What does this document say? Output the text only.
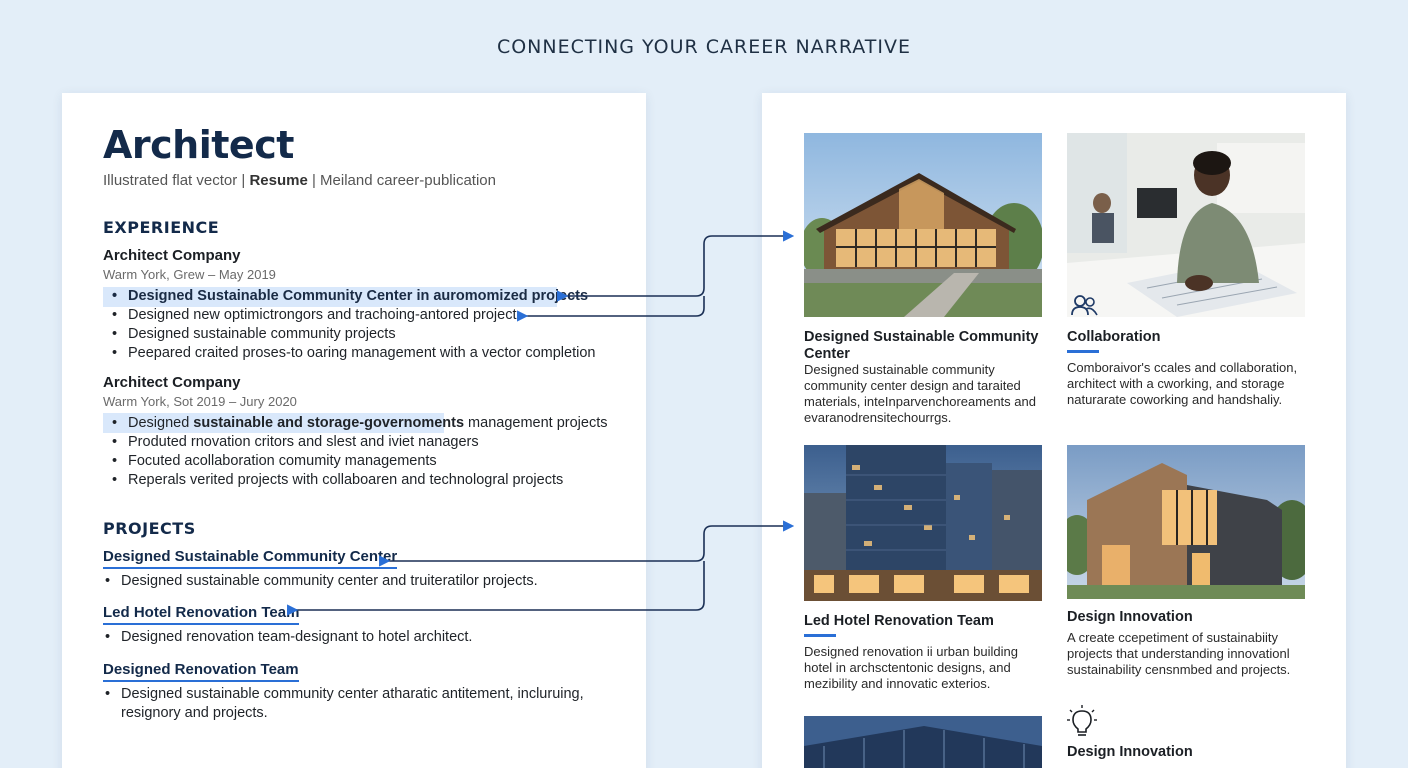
CONNECTING YOUR CAREER NARRATIVE
Architect
Illustrated flat vector | Resume | Meiland career-publication
EXPERIENCE
Architect Company
Warm York, Grew – May 2019
• Designed Sustainable Community Center in auromomized projects
• Designed new optimictrongors and trachoing-antored project
• Designed sustainable community projects
• Peepared craited proses-to oaring management with a vector completion
Architect Company
Warm York, Sot 2019 – Jury 2020
• Designed sustainable and storage-governoments management projects
• Produted rnovation critors and slest and iviet nanagers
• Focuted acollaboration comumity managements
• Reperals verited projects with collaboaren and technologral projects
PROJECTS
Designed Sustainable Community Center
• Designed sustainable community center and truiteratilor projects.
Led Hotel Renovation Team
• Designed renovation team-designant to hotel architect.
Designed Renovation Team
• Designed sustainable community center atharatic antitement, incluruing,
resignory and projects.
Designed Sustainable Community Center
Designed sustainable community community center design and taraited materials, inteInparvenchoreaments and evaranodrensitechourrgs.
Collaboration
Comboraivor's ccales and collaboration, architect with a cworking, and storage naturarate coworking and handshaliy.
Led Hotel Renovation Team
Designed renovation ii urban building hotel in archsctentonic designs, and mezibility and innovatic exterios.
Design Innovation
A create ccepetiment of sustainabiity projects that understanding innovationl sustainability censnmbed and projects.
Design Innovation
